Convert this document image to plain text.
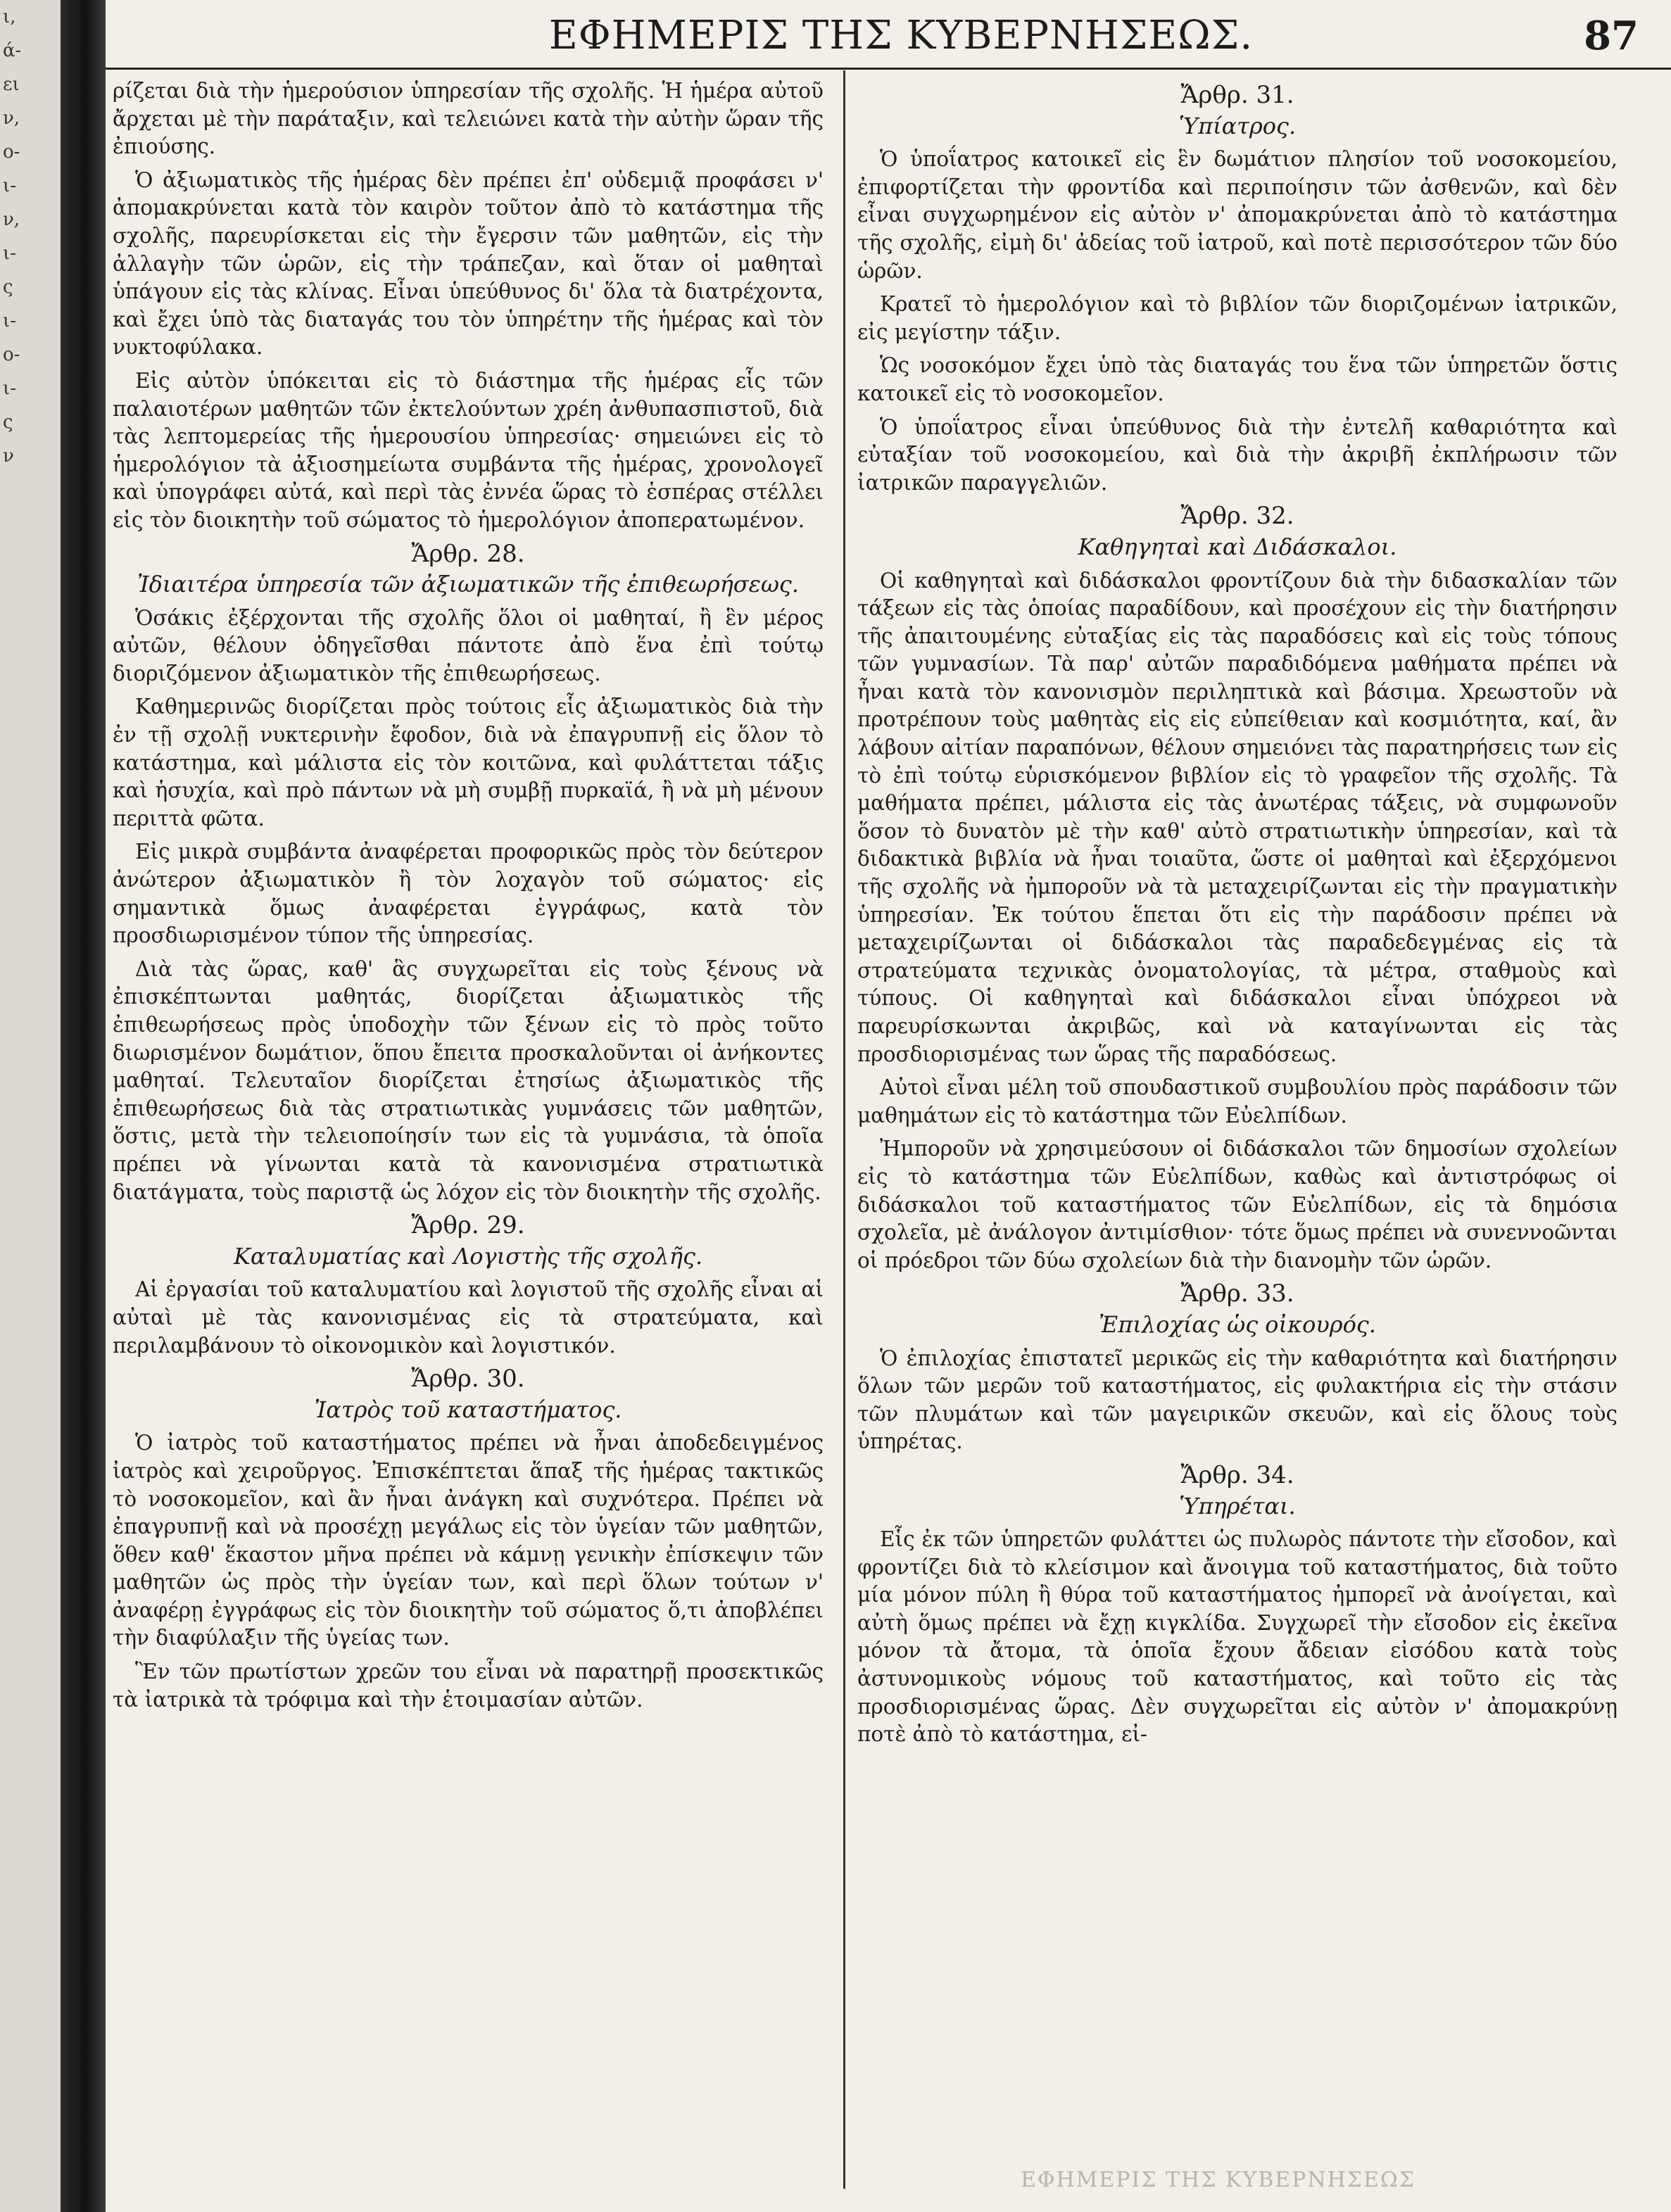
ι,
ά-
ει
ν,
ο-
ι-
ν,
ι-
ς
ι-
ο-
ι-
ς
ν
ΕΦΗΜΕΡΙΣ ΤΗΣ ΚΥΒΕΡΝΗΣΕΩΣ.	87

ρίζεται διὰ τὴν ἡμερούσιον ὑπηρεσίαν τῆς σχολῆς. Ἡ ἡμέρα αὐτοῦ ἄρχεται μὲ τὴν παράταξιν, καὶ τελειώνει κατὰ τὴν αὐτὴν ὥραν τῆς ἐπιούσης.

Ὁ ἀξιωματικὸς τῆς ἡμέρας δὲν πρέπει ἐπ' οὐδεμιᾷ προφάσει ν' ἀπομακρύνεται κατὰ τὸν καιρὸν τοῦτον ἀπὸ τὸ κατάστημα τῆς σχολῆς, παρευρίσκεται εἰς τὴν ἔγερσιν τῶν μαθητῶν, εἰς τὴν ἀλλαγὴν τῶν ὡρῶν, εἰς τὴν τράπεζαν, καὶ ὅταν οἱ μαθηταὶ ὑπάγουν εἰς τὰς κλίνας. Εἶναι ὑπεύθυνος δι' ὅλα τὰ διατρέχοντα, καὶ ἔχει ὑπὸ τὰς διαταγάς του τὸν ὑπηρέτην τῆς ἡμέρας καὶ τὸν νυκτοφύλακα.

Εἰς αὐτὸν ὑπόκειται εἰς τὸ διάστημα τῆς ἡμέρας εἷς τῶν παλαιοτέρων μαθητῶν τῶν ἐκτελούντων χρέη ἀνθυπασπιστοῦ, διὰ τὰς λεπτομερείας τῆς ἡμερουσίου ὑπηρεσίας· σημειώνει εἰς τὸ ἡμερολόγιον τὰ ἀξιοσημείωτα συμβάντα τῆς ἡμέρας, χρονολογεῖ καὶ ὑπογράφει αὐτά, καὶ περὶ τὰς ἐννέα ὥρας τὸ ἑσπέρας στέλλει εἰς τὸν διοικητὴν τοῦ σώματος τὸ ἡμερολόγιον ἀποπερατωμένον.

Ἄρθρ. 28.
Ἰδιαιτέρα ὑπηρεσία τῶν ἀξιωματικῶν τῆς ἐπιθεωρήσεως.

Ὁσάκις ἐξέρχονται τῆς σχολῆς ὅλοι οἱ μαθηταί, ἢ ἓν μέρος αὐτῶν, θέλουν ὁδηγεῖσθαι πάντοτε ἀπὸ ἕνα ἐπὶ τούτῳ διοριζόμενον ἀξιωματικὸν τῆς ἐπιθεωρήσεως.

Καθημερινῶς διορίζεται πρὸς τούτοις εἷς ἀξιωματικὸς διὰ τὴν ἐν τῇ σχολῇ νυκτερινὴν ἔφοδον, διὰ νὰ ἐπαγρυπνῇ εἰς ὅλον τὸ κατάστημα, καὶ μάλιστα εἰς τὸν κοιτῶνα, καὶ φυλάττεται τάξις καὶ ἡσυχία, καὶ πρὸ πάντων νὰ μὴ συμβῇ πυρκαϊά, ἢ νὰ μὴ μένουν περιττὰ φῶτα.

Εἰς μικρὰ συμβάντα ἀναφέρεται προφορικῶς πρὸς τὸν δεύτερον ἀνώτερον ἀξιωματικὸν ἢ τὸν λοχαγὸν τοῦ σώματος· εἰς σημαντικὰ ὅμως ἀναφέρεται ἐγγράφως, κατὰ τὸν προσδιωρισμένον τύπον τῆς ὑπηρεσίας.

Διὰ τὰς ὥρας, καθ' ἃς συγχωρεῖται εἰς τοὺς ξένους νὰ ἐπισκέπτωνται μαθητάς, διορίζεται ἀξιωματικὸς τῆς ἐπιθεωρήσεως πρὸς ὑποδοχὴν τῶν ξένων εἰς τὸ πρὸς τοῦτο διωρισμένον δωμάτιον, ὅπου ἔπειτα προσκαλοῦνται οἱ ἀνήκοντες μαθηταί. Τελευταῖον διορίζεται ἐτησίως ἀξιωματικὸς τῆς ἐπιθεωρήσεως διὰ τὰς στρατιωτικὰς γυμνάσεις τῶν μαθητῶν, ὅστις, μετὰ τὴν τελειοποίησίν των εἰς τὰ γυμνάσια, τὰ ὁποῖα πρέπει νὰ γίνωνται κατὰ τὰ κανονισμένα στρατιωτικὰ διατάγματα, τοὺς παριστᾷ ὡς λόχον εἰς τὸν διοικητὴν τῆς σχολῆς.

Ἄρθρ. 29.
Καταλυματίας καὶ Λογιστὴς τῆς σχολῆς.

Αἱ ἐργασίαι τοῦ καταλυματίου καὶ λογιστοῦ τῆς σχολῆς εἶναι αἱ αὐταὶ μὲ τὰς κανονισμένας εἰς τὰ στρατεύματα, καὶ περιλαμβάνουν τὸ οἰκονομικὸν καὶ λογιστικόν.

Ἄρθρ. 30.
Ἰατρὸς τοῦ καταστήματος.

Ὁ ἰατρὸς τοῦ καταστήματος πρέπει νὰ ἦναι ἀποδεδειγμένος ἰατρὸς καὶ χειροῦργος. Ἐπισκέπτεται ἅπαξ τῆς ἡμέρας τακτικῶς τὸ νοσοκομεῖον, καὶ ἂν ἦναι ἀνάγκη καὶ συχνότερα. Πρέπει νὰ ἐπαγρυπνῇ καὶ νὰ προσέχῃ μεγάλως εἰς τὸν ὑγείαν τῶν μαθητῶν, ὅθεν καθ' ἕκαστον μῆνα πρέπει νὰ κάμνῃ γενικὴν ἐπίσκεψιν τῶν μαθητῶν ὡς πρὸς τὴν ὑγείαν των, καὶ περὶ ὅλων τούτων ν' ἀναφέρῃ ἐγγράφως εἰς τὸν διοικητὴν τοῦ σώματος ὅ,τι ἀποβλέπει τὴν διαφύλαξιν τῆς ὑγείας των.

Ἓν τῶν πρωτίστων χρεῶν του εἶναι νὰ παρατηρῇ προσεκτικῶς τὰ ἰατρικὰ τὰ τρόφιμα καὶ τὴν ἑτοιμασίαν αὐτῶν.

Ἄρθρ. 31.
Ὑπίατρος.

Ὁ ὑποΐατρος κατοικεῖ εἰς ἓν δωμάτιον πλησίον τοῦ νοσοκομείου, ἐπιφορτίζεται τὴν φροντίδα καὶ περιποίησιν τῶν ἀσθενῶν, καὶ δὲν εἶναι συγχωρημένον εἰς αὐτὸν ν' ἀπομακρύνεται ἀπὸ τὸ κατάστημα τῆς σχολῆς, εἰμὴ δι' ἀδείας τοῦ ἰατροῦ, καὶ ποτὲ περισσότερον τῶν δύο ὡρῶν.

Κρατεῖ τὸ ἡμερολόγιον καὶ τὸ βιβλίον τῶν διοριζομένων ἰατρικῶν, εἰς μεγίστην τάξιν.

Ὡς νοσοκόμον ἔχει ὑπὸ τὰς διαταγάς του ἕνα τῶν ὑπηρετῶν ὅστις κατοικεῖ εἰς τὸ νοσοκομεῖον.

Ὁ ὑποΐατρος εἶναι ὑπεύθυνος διὰ τὴν ἐντελῆ καθαριότητα καὶ εὐταξίαν τοῦ νοσοκομείου, καὶ διὰ τὴν ἀκριβῆ ἐκπλήρωσιν τῶν ἰατρικῶν παραγγελιῶν.

Ἄρθρ. 32.
Καθηγηταὶ καὶ Διδάσκαλοι.

Οἱ καθηγηταὶ καὶ διδάσκαλοι φροντίζουν διὰ τὴν διδασκαλίαν τῶν τάξεων εἰς τὰς ὁποίας παραδίδουν, καὶ προσέχουν εἰς τὴν διατήρησιν τῆς ἀπαιτουμένης εὐταξίας εἰς τὰς παραδόσεις καὶ εἰς τοὺς τόπους τῶν γυμνασίων. Τὰ παρ' αὐτῶν παραδιδόμενα μαθήματα πρέπει νὰ ἦναι κατὰ τὸν κανονισμὸν περιληπτικὰ καὶ βάσιμα. Χρεωστοῦν νὰ προτρέπουν τοὺς μαθητὰς εἰς εἰς εὐπείθειαν καὶ κοσμιότητα, καί, ἂν λάβουν αἰτίαν παραπόνων, θέλουν σημειόνει τὰς παρατηρήσεις των εἰς τὸ ἐπὶ τούτῳ εὑρισκόμενον βιβλίον εἰς τὸ γραφεῖον τῆς σχολῆς. Τὰ μαθήματα πρέπει, μάλιστα εἰς τὰς ἀνωτέρας τάξεις, νὰ συμφωνοῦν ὅσον τὸ δυνατὸν μὲ τὴν καθ' αὐτὸ στρατιωτικὴν ὑπηρεσίαν, καὶ τὰ διδακτικὰ βιβλία νὰ ἦναι τοιαῦτα, ὥστε οἱ μαθηταὶ καὶ ἐξερχόμενοι τῆς σχολῆς νὰ ἠμποροῦν νὰ τὰ μεταχειρίζωνται εἰς τὴν πραγματικὴν ὑπηρεσίαν. Ἐκ τούτου ἕπεται ὅτι εἰς τὴν παράδοσιν πρέπει νὰ μεταχειρίζωνται οἱ διδάσκαλοι τὰς παραδεδεγμένας εἰς τὰ στρατεύματα τεχνικὰς ὀνοματολογίας, τὰ μέτρα, σταθμοὺς καὶ τύπους. Οἱ καθηγηταὶ καὶ διδάσκαλοι εἶναι ὑπόχρεοι νὰ παρευρίσκωνται ἀκριβῶς, καὶ νὰ καταγίνωνται εἰς τὰς προσδιορισμένας των ὥρας τῆς παραδόσεως.

Αὐτοὶ εἶναι μέλη τοῦ σπουδαστικοῦ συμβουλίου πρὸς παράδοσιν τῶν μαθημάτων εἰς τὸ κατάστημα τῶν Εὐελπίδων.

Ἠμποροῦν νὰ χρησιμεύσουν οἱ διδάσκαλοι τῶν δημοσίων σχολείων εἰς τὸ κατάστημα τῶν Εὐελπίδων, καθὼς καὶ ἀντιστρόφως οἱ διδάσκαλοι τοῦ καταστήματος τῶν Εὐελπίδων, εἰς τὰ δημόσια σχολεῖα, μὲ ἀνάλογον ἀντιμίσθιον· τότε ὅμως πρέπει νὰ συνεννοῶνται οἱ πρόεδροι τῶν δύω σχολείων διὰ τὴν διανομὴν τῶν ὡρῶν.

Ἄρθρ. 33.
Ἐπιλοχίας ὡς οἰκουρός.

Ὁ ἐπιλοχίας ἐπιστατεῖ μερικῶς εἰς τὴν καθαριότητα καὶ διατήρησιν ὅλων τῶν μερῶν τοῦ καταστήματος, εἰς φυλακτήρια εἰς τὴν στάσιν τῶν πλυμάτων καὶ τῶν μαγειρικῶν σκευῶν, καὶ εἰς ὅλους τοὺς ὑπηρέτας.

Ἄρθρ. 34.
Ὑπηρέται.

Εἷς ἐκ τῶν ὑπηρετῶν φυλάττει ὡς πυλωρὸς πάντοτε τὴν εἴσοδον, καὶ φροντίζει διὰ τὸ κλείσιμον καὶ ἄνοιγμα τοῦ καταστήματος, διὰ τοῦτο μία μόνον πύλη ἢ θύρα τοῦ καταστήματος ἠμπορεῖ νὰ ἀνοίγεται, καὶ αὐτὴ ὅμως πρέπει νὰ ἔχῃ κιγκλίδα. Συγχωρεῖ τὴν εἴσοδον εἰς ἐκεῖνα μόνον τὰ ἄτομα, τὰ ὁποῖα ἔχουν ἄδειαν εἰσόδου κατὰ τοὺς ἀστυνομικοὺς νόμους τοῦ καταστήματος, καὶ τοῦτο εἰς τὰς προσδιορισμένας ὥρας. Δὲν συγχωρεῖται εἰς αὐτὸν ν' ἀπομακρύνῃ ποτὲ ἀπὸ τὸ κατάστημα, εἰ-

ΕΦΗΜΕΡΙΣ ΤΗΣ ΚΥΒΕΡΝΗΣΕΩΣ
